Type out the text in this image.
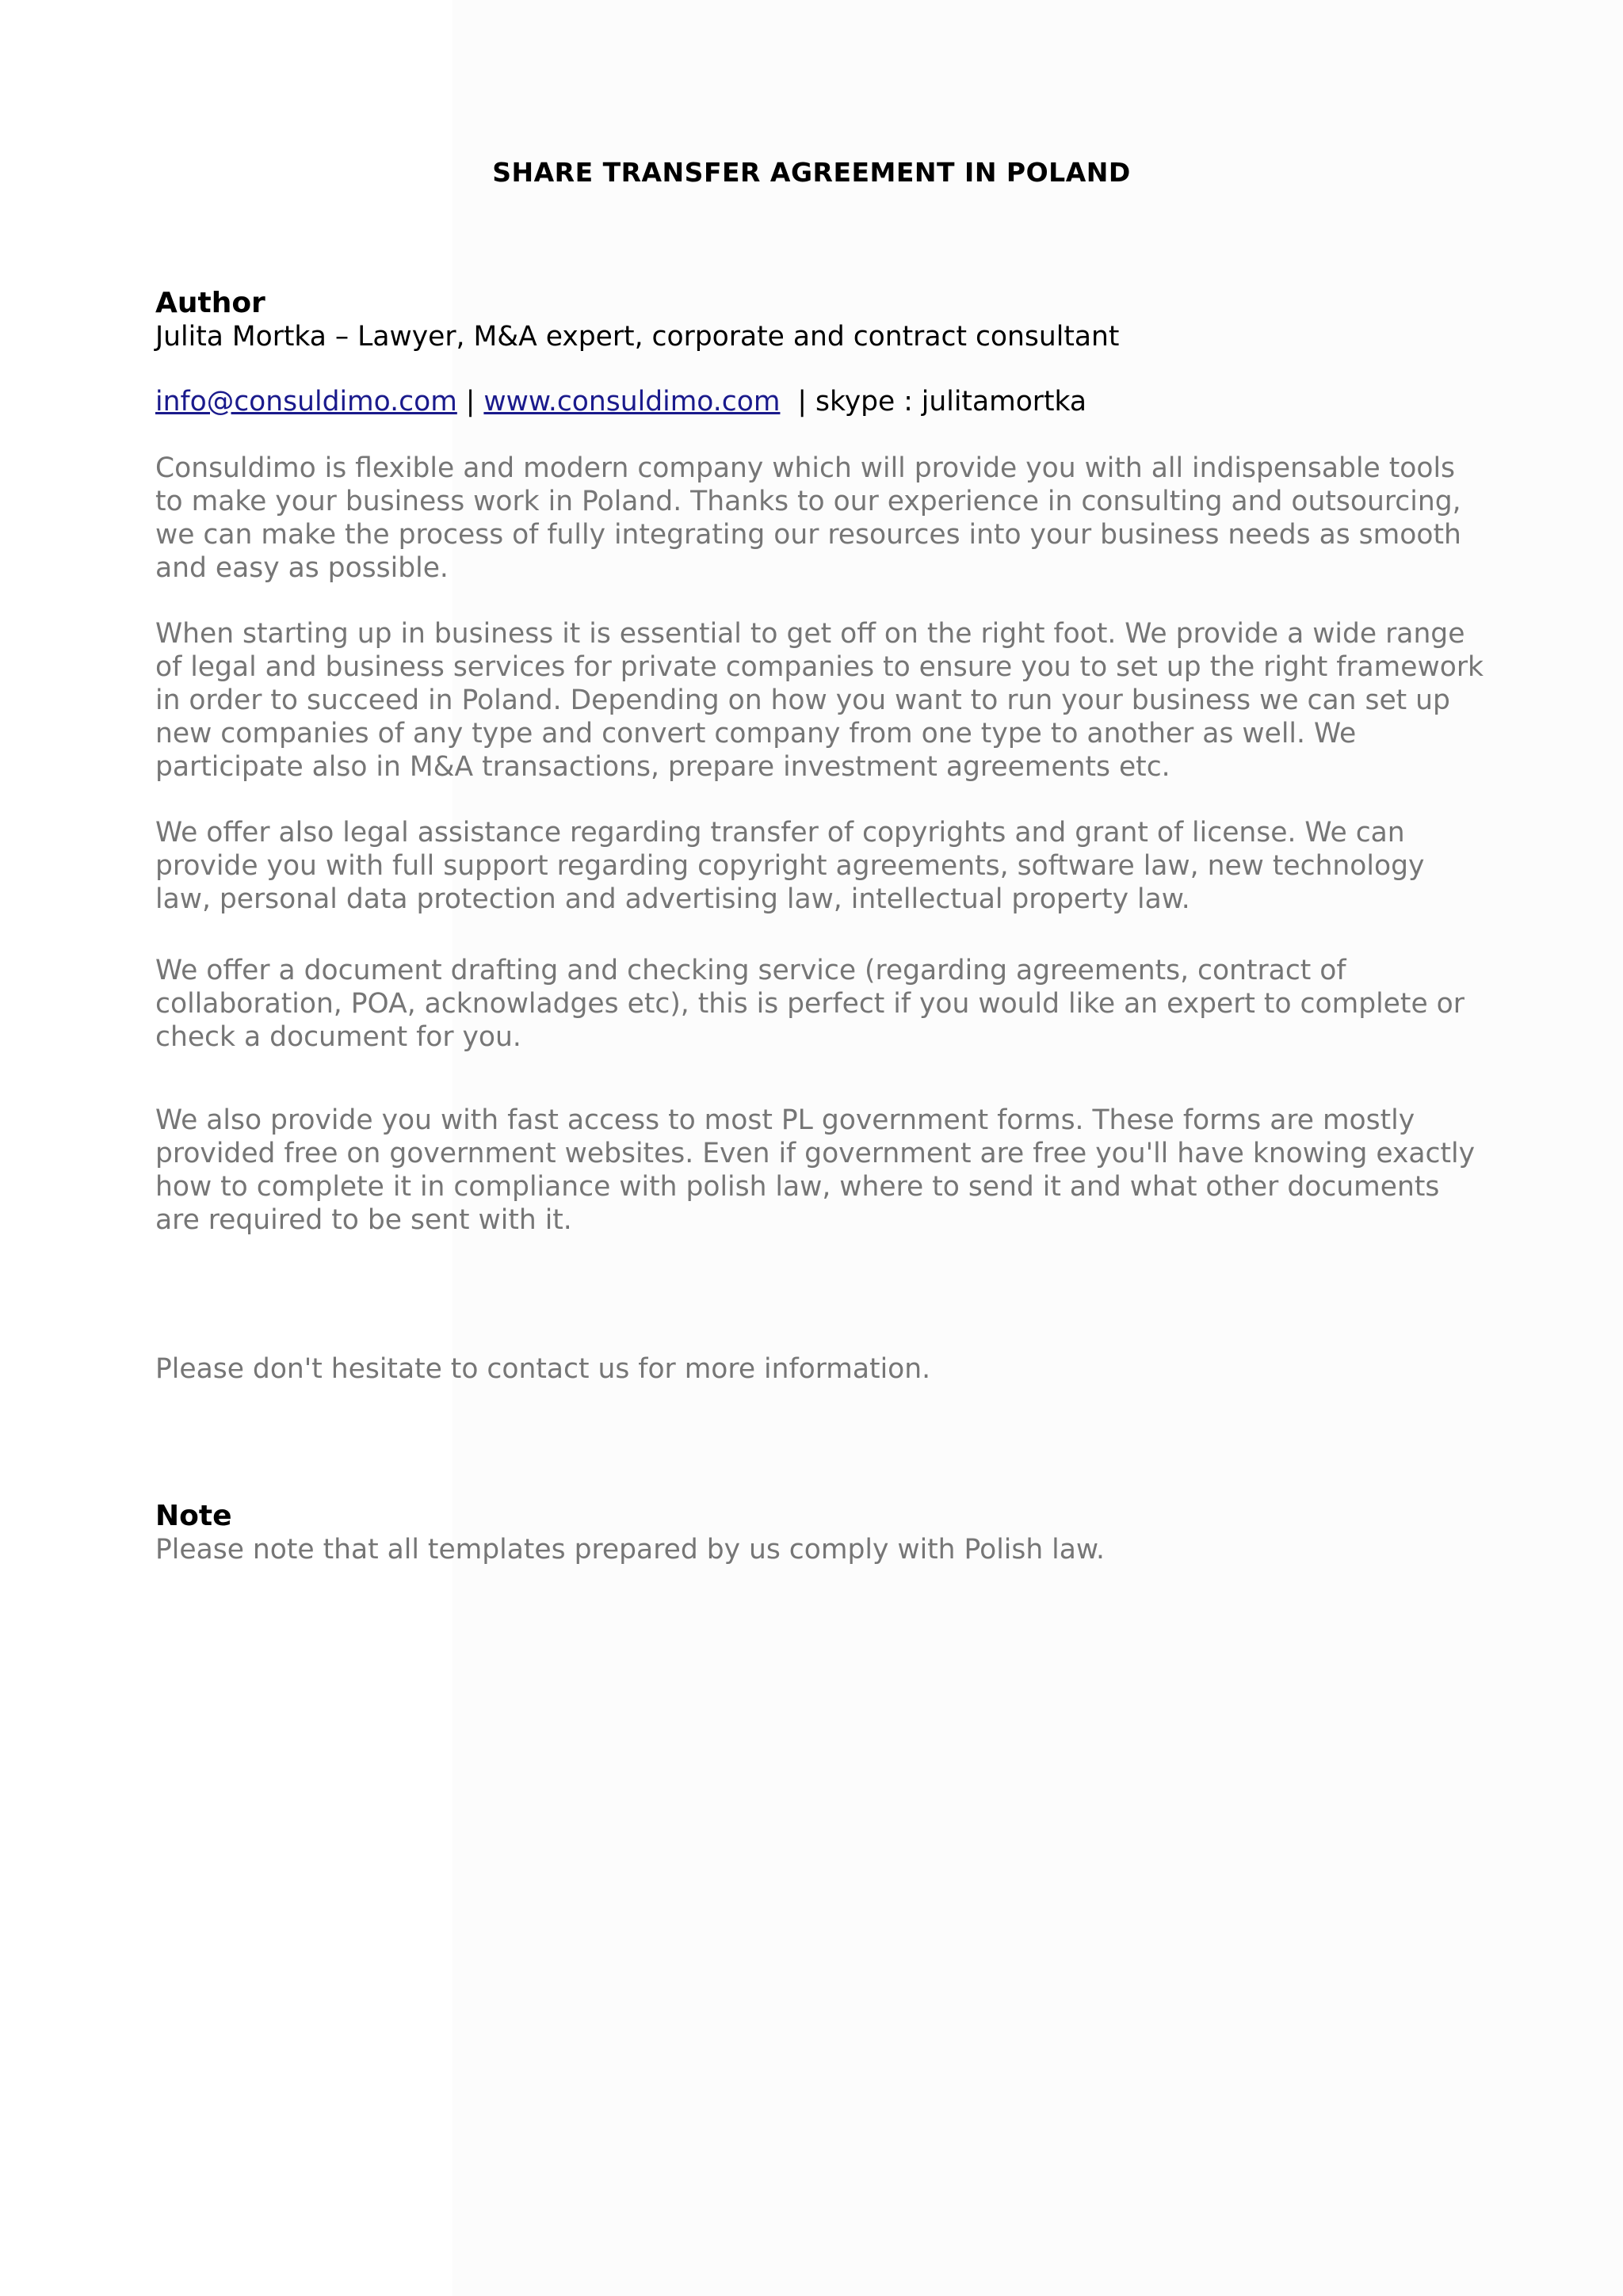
SHARE TRANSFER AGREEMENT IN POLAND
Author
Julita Mortka – Lawyer, M&A expert, corporate and contract consultant
info@consuldimo.com | www.consuldimo.com  | skype : julitamortka

Consuldimo is flexible and modern company which will provide you with all indispensable tools to make your business work in Poland. Thanks to our experience in consulting and outsourcing, we can make the process of fully integrating our resources into your business needs as smooth and easy as possible.

When starting up in business it is essential to get off on the right foot. We provide a wide range of legal and business services for private companies to ensure you to set up the right framework in order to succeed in Poland. Depending on how you want to run your business we can set up new companies of any type and convert company from one type to another as well. We participate also in M&A transactions, prepare investment agreements etc.

We offer also legal assistance regarding transfer of copyrights and grant of license. We can provide you with full support regarding copyright agreements, software law, new technology law, personal data protection and advertising law, intellectual property law.

We offer a document drafting and checking service (regarding agreements, contract of collaboration, POA, acknowladges etc), this is perfect if you would like an expert to complete or check a document for you.

We also provide you with fast access to most PL government forms. These forms are mostly provided free on government websites. Even if government are free you'll have knowing exactly how to complete it in compliance with polish law, where to send it and what other documents are required to be sent with it.

Please don't hesitate to contact us for more information.

Note
Please note that all templates prepared by us comply with Polish law.
